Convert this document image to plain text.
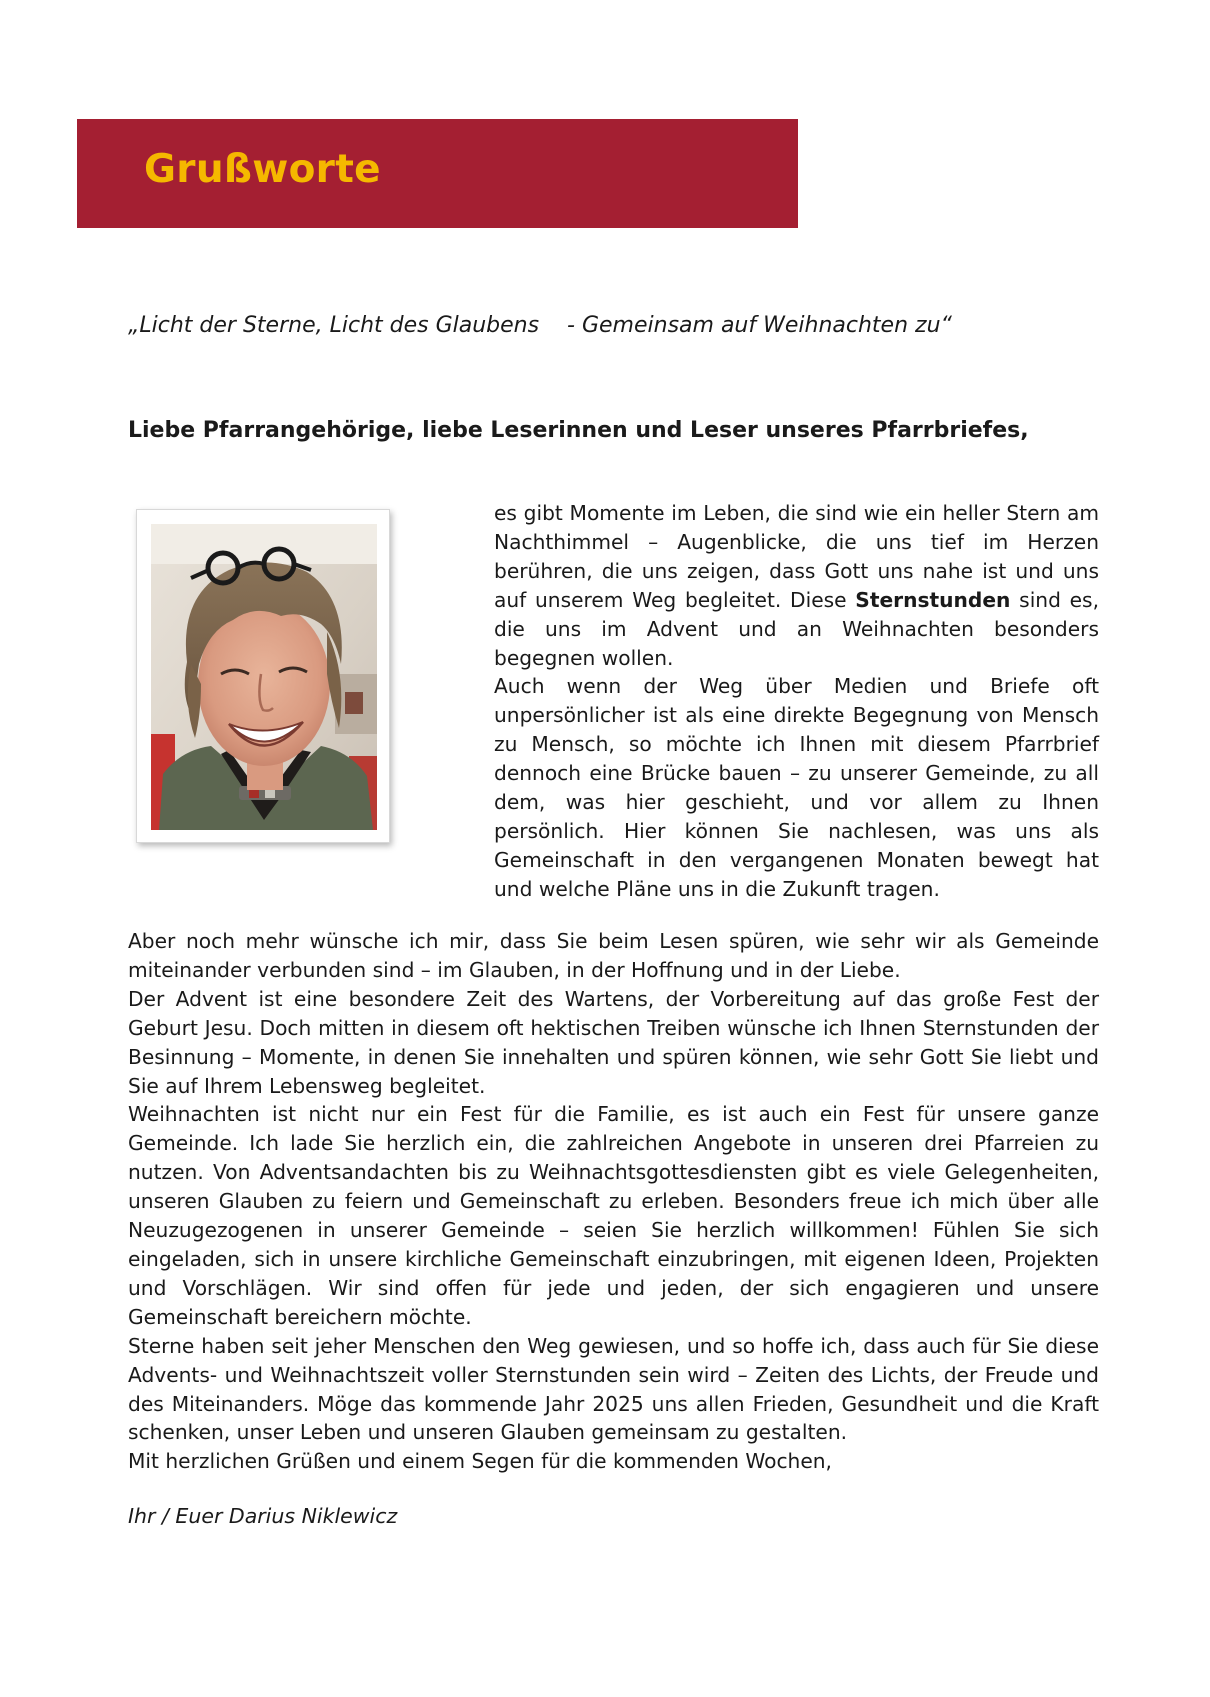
Grußworte
„Licht der Sterne, Licht des Glaubens    - Gemeinsam auf Weihnachten zu“
Liebe Pfarrangehörige, liebe Leserinnen und Leser unseres Pfarrbriefes,

es gibt Momente im Leben, die sind wie ein heller Stern am Nachthimmel – Augenblicke, die uns tief im Herzen berühren, die uns zeigen, dass Gott uns nahe ist und uns auf unserem Weg begleitet. Diese Sternstunden sind es, die uns im Advent und an Weihnachten besonders begegnen wollen.

Auch wenn der Weg über Medien und Briefe oft unpersönlicher ist als eine direkte Begegnung von Mensch zu Mensch, so möchte ich Ihnen mit diesem Pfarrbrief dennoch eine Brücke bauen – zu unserer Gemeinde, zu all dem, was hier geschieht, und vor allem zu Ihnen persönlich. Hier können Sie nachlesen, was uns als Gemeinschaft in den vergangenen Monaten bewegt hat und welche Pläne uns in die Zukunft tragen.

Aber noch mehr wünsche ich mir, dass Sie beim Lesen spüren, wie sehr wir als Gemeinde miteinander verbunden sind – im Glauben, in der Hoffnung und in der Liebe.

Der Advent ist eine besondere Zeit des Wartens, der Vorbereitung auf das große Fest der Geburt Jesu. Doch mitten in diesem oft hektischen Treiben wünsche ich Ihnen Sternstunden der Besinnung – Momente, in denen Sie innehalten und spüren können, wie sehr Gott Sie liebt und Sie auf Ihrem Lebensweg begleitet.

Weihnachten ist nicht nur ein Fest für die Familie, es ist auch ein Fest für unsere ganze Gemeinde. Ich lade Sie herzlich ein, die zahlreichen Angebote in unseren drei Pfarreien zu nutzen. Von Adventsandachten bis zu Weihnachtsgottesdiensten gibt es viele Gelegenheiten, unseren Glauben zu feiern und Gemeinschaft zu erleben. Besonders freue ich mich über alle Neuzugezogenen in unserer Gemeinde – seien Sie herzlich willkommen! Fühlen Sie sich eingeladen, sich in unsere kirchliche Gemeinschaft einzubringen, mit eigenen Ideen, Projekten und Vorschlägen. Wir sind offen für jede und jeden, der sich engagieren und unsere Gemeinschaft bereichern möchte.

Sterne haben seit jeher Menschen den Weg gewiesen, und so hoffe ich, dass auch für Sie diese Advents- und Weihnachtszeit voller Sternstunden sein wird – Zeiten des Lichts, der Freude und des Miteinanders. Möge das kommende Jahr 2025 uns allen Frieden, Gesundheit und die Kraft schenken, unser Leben und unseren Glauben gemeinsam zu gestalten.

Mit herzlichen Grüßen und einem Segen für die kommenden Wochen,

Ihr / Euer Darius Niklewicz
